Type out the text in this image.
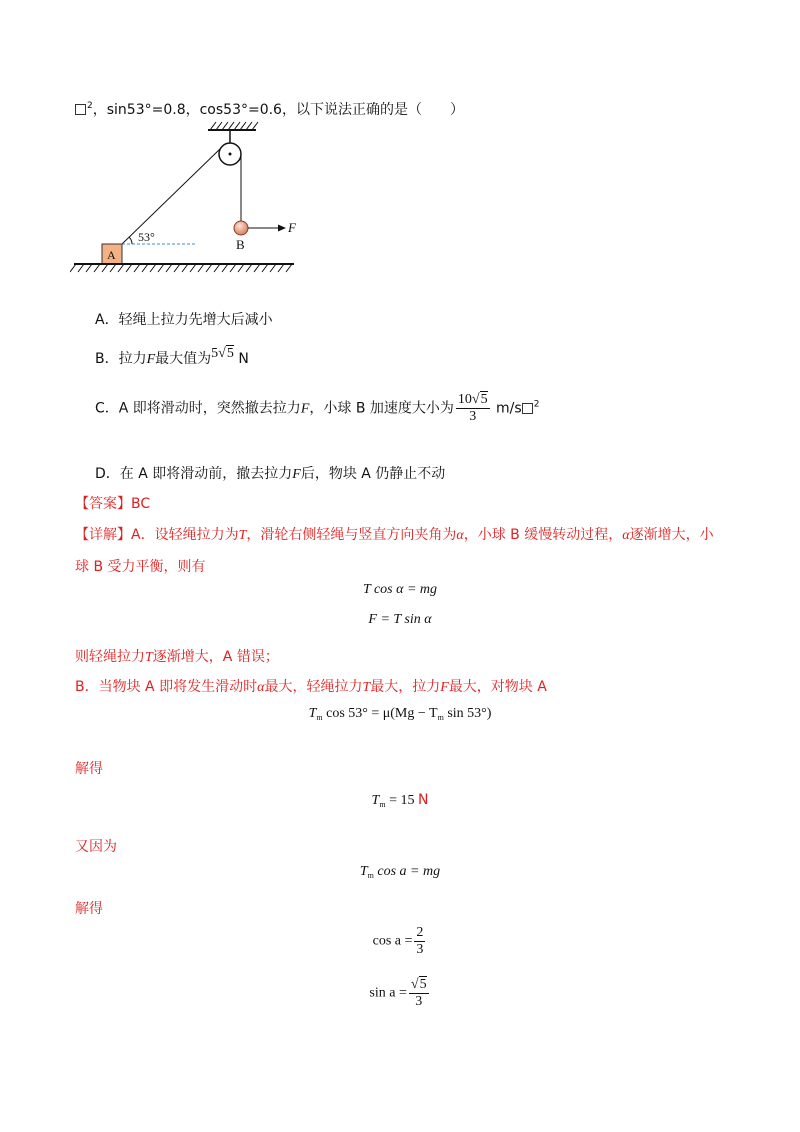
$^2$，sin53°=0.8，cos53°=0.6，以下说法正确的是（　　）
F
B
53°
A
A．轻绳上拉力先增大后减小
B．拉力F最大值为5√5 N
C．A 即将滑动时，突然撤去拉力F，小球 B 加速度大小为 $\frac{10√5}{3} m/s$ $^2$
D．在 A 即将滑动前，撤去拉力F后，物块 A 仍静止不动
【答案】BC
【详解】A．设轻绳拉力为T，滑轮右侧轻绳与竖直方向夹角为α，小球 B 缓慢转动过程，α逐渐增大，小
球 B 受力平衡，则有
T cos α = mg
F = T sin α
则轻绳拉力T逐渐增大，A 错误；
B．当物块 A 即将发生滑动时α最大，轻绳拉力T最大，拉力F最大，对物块 A
$T_m$ $\cos 53^\circ = \mu(Mg - T_m$ sin 53°)
解得
$T_m = 15$ N
又因为
$T_m$ cos a = mg
解得
$\cos a = \frac{2}{3}$
$\sin a = \frac{√5}{3}$
